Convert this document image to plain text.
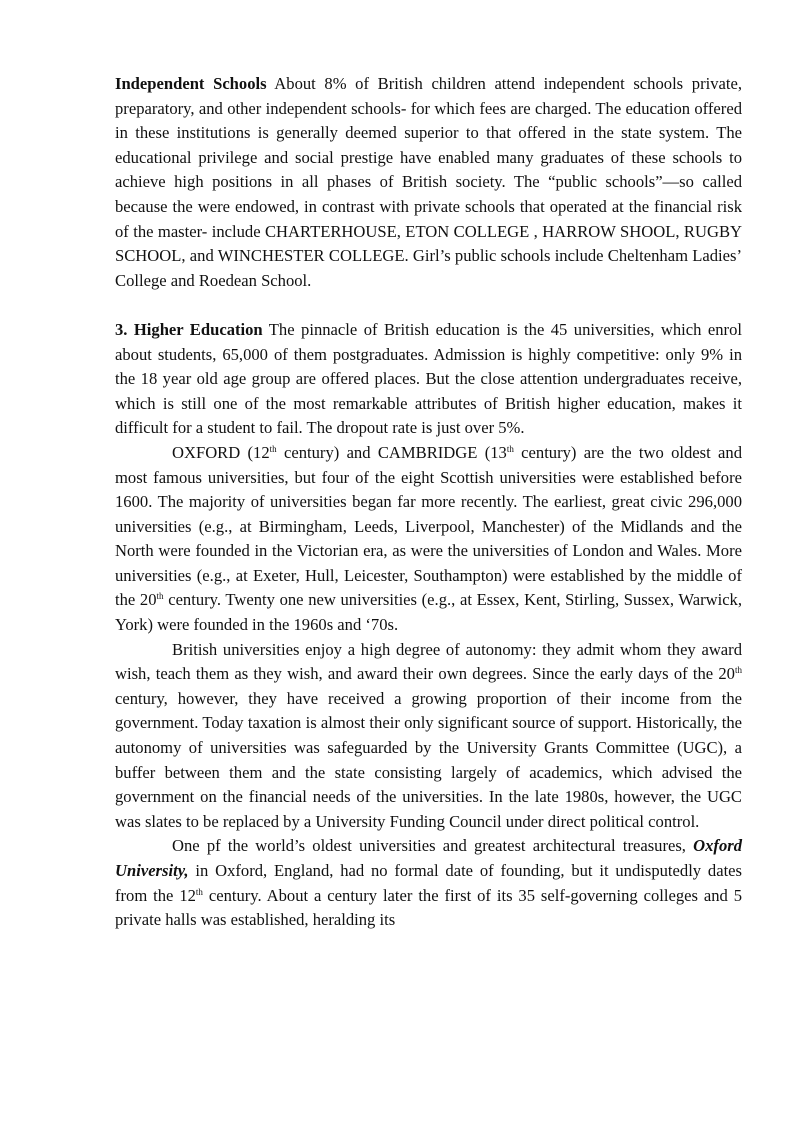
Independent Schools About 8% of British children attend independent schools private, preparatory, and other independent schools- for which fees are charged. The education offered in these institutions is generally deemed superior to that offered in the state system. The educational privilege and social prestige have enabled many graduates of these schools to achieve high positions in all phases of British society. The “public schools”—so called because the were endowed, in contrast with private schools that operated at the financial risk of the master- include CHARTERHOUSE, ETON COLLEGE , HARROW SHOOL, RUGBY SCHOOL, and WINCHESTER COLLEGE. Girl’s public schools include Cheltenham Ladies’ College and Roedean School.

3. Higher Education The pinnacle of British education is the 45 universities, which enrol about students, 65,000 of them postgraduates. Admission is highly competitive: only 9% in the 18 year old age group are offered places. But the close attention undergraduates receive, which is still one of the most remarkable attributes of British higher education, makes it difficult for a student to fail. The dropout rate is just over 5%.

OXFORD (12th century) and CAMBRIDGE (13th century) are the two oldest and most famous universities, but four of the eight Scottish universities were established before 1600. The majority of universities began far more recently. The earliest, great civic 296,000 universities (e.g., at Birmingham, Leeds, Liverpool, Manchester) of the Midlands and the North were founded in the Victorian era, as were the universities of London and Wales. More universities (e.g., at Exeter, Hull, Leicester, Southampton) were established by the middle of the 20th century. Twenty one new universities (e.g., at Essex, Kent, Stirling, Sussex, Warwick, York) were founded in the 1960s and ‘70s.

British universities enjoy a high degree of autonomy: they admit whom they award wish, teach them as they wish, and award their own degrees. Since the early days of the 20th century, however, they have received a growing proportion of their income from the government. Today taxation is almost their only significant source of support. Historically, the autonomy of universities was safeguarded by the University Grants Committee (UGC), a buffer between them and the state consisting largely of academics, which advised the government on the financial needs of the universities. In the late 1980s, however, the UGC was slates to be replaced by a University Funding Council under direct political control.

One pf the world’s oldest universities and greatest architectural treasures, Oxford University, in Oxford, England, had no formal date of founding, but it undisputedly dates from the 12th century. About a century later the first of its 35 self-governing colleges and 5 private halls was established, heralding its
